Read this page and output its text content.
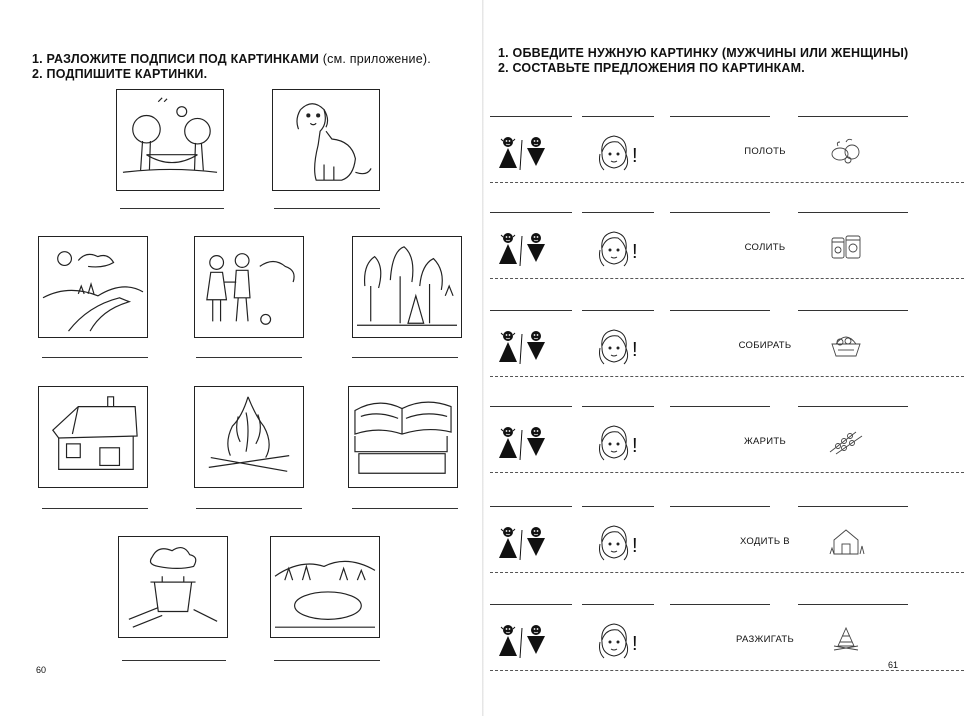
1. РАЗЛОЖИТЕ ПОДПИСИ ПОД КАРТИНКАМИ (см. приложение).
2. ПОДПИШИТЕ КАРТИНКИ.
60
1. ОБВЕДИТЕ НУЖНУЮ КАРТИНКУ (МУЖЧИНЫ ИЛИ ЖЕНЩИНЫ)
2. СОСТАВЬТЕ ПРЕДЛОЖЕНИЯ ПО КАРТИНКАМ.
!	ПОЛОТЬ
!	СОЛИТЬ
!	СОБИРАТЬ
!	ЖАРИТЬ
!	ХОДИТЬ В
!	РАЗЖИГАТЬ
61
